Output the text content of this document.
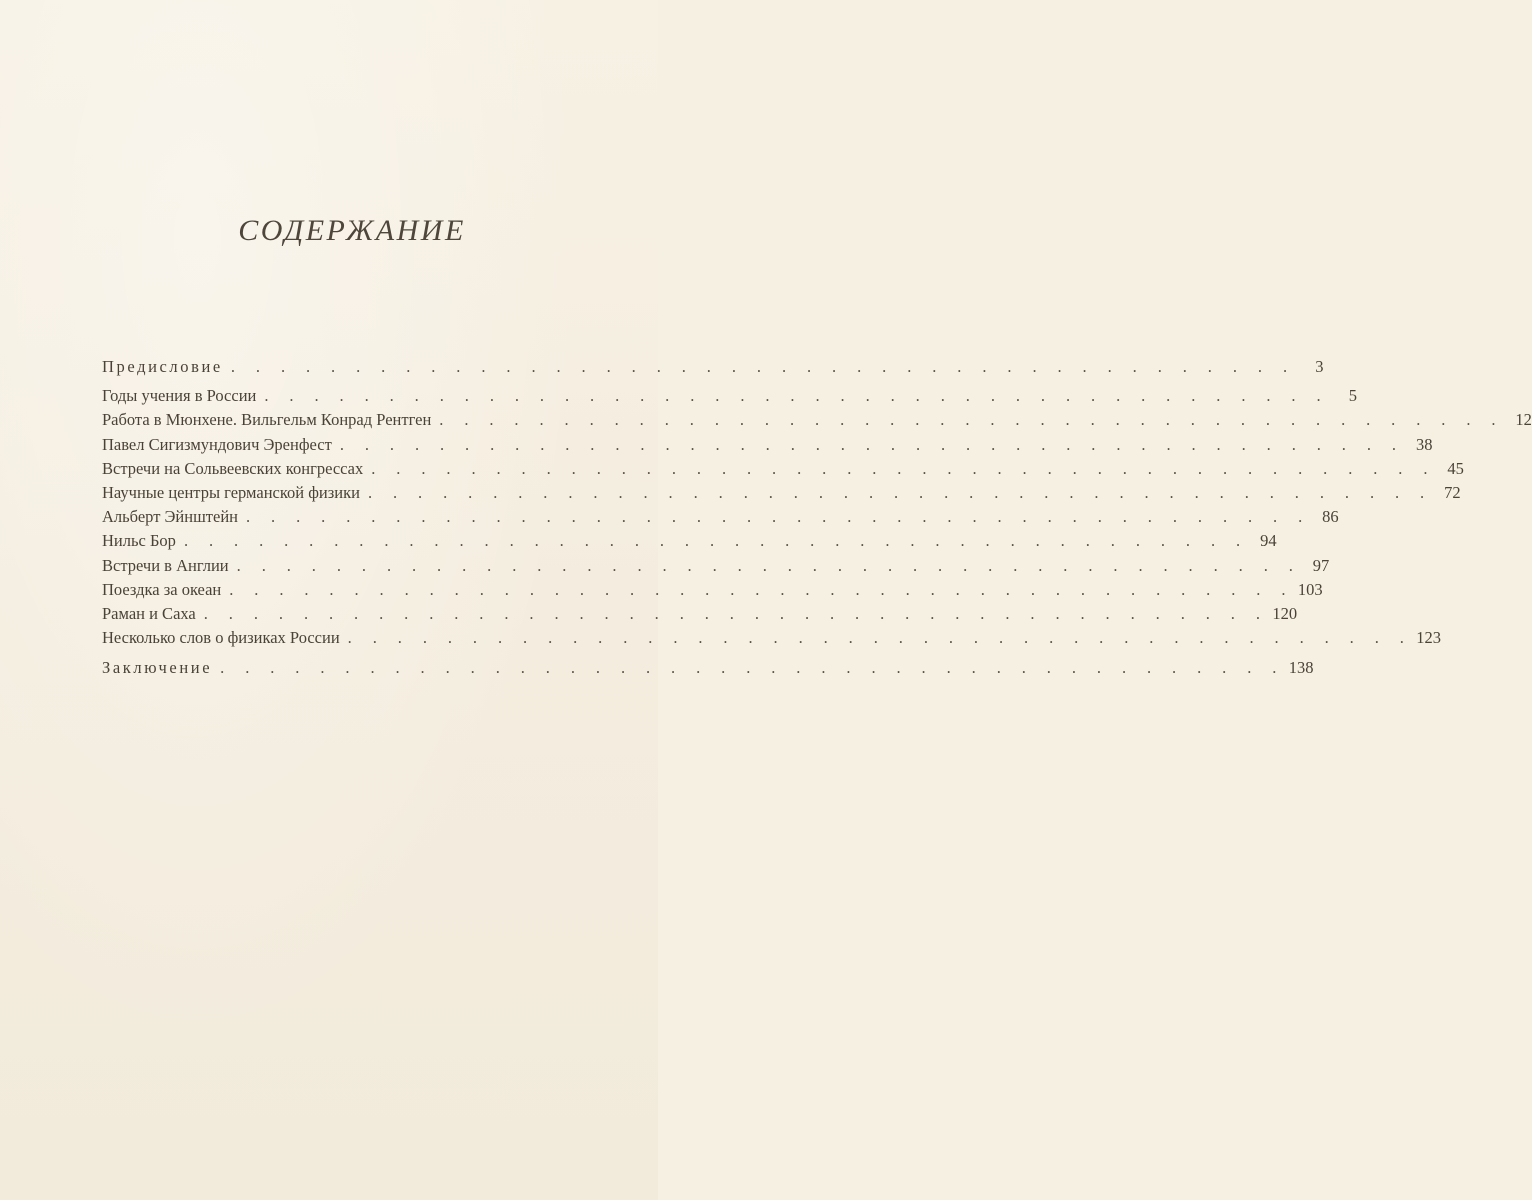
СОДЕРЖАНИЕ
Предисловие . . . . . . . . . . . . . . . . . . . . . . . . . . . . . . . . . . . . . . . . . . .	3
Годы учения в России . . . . . . . . . . . . . . . . . . . . . . . . . . . . . . . . . . . . . . . . . . .	5
Работа в Мюнхене. Вильгельм Конрад Рентген . . . . . . . . . . . . . . . . . . . . . . . . . . . . . . . . . . . . . . . . . . . 12
Павел Сигизмундович Эренфест . . . . . . . . . . . . . . . . . . . . . . . . . . . . . . . . . . . . . . . . . . . 38
Встречи на Сольвеевских конгрессах . . . . . . . . . . . . . . . . . . . . . . . . . . . . . . . . . . . . . . . . . . . 45
Научные центры германской физики . . . . . . . . . . . . . . . . . . . . . . . . . . . . . . . . . . . . . . . . . . . 72
Альберт Эйнштейн . . . . . . . . . . . . . . . . . . . . . . . . . . . . . . . . . . . . . . . . . . . 86
Нильс Бор . . . . . . . . . . . . . . . . . . . . . . . . . . . . . . . . . . . . . . . . . . . 94
Встречи в Англии . . . . . . . . . . . . . . . . . . . . . . . . . . . . . . . . . . . . . . . . . . . 97
Поездка за океан . . . . . . . . . . . . . . . . . . . . . . . . . . . . . . . . . . . . . . . . . . . 103
Раман и Саха . . . . . . . . . . . . . . . . . . . . . . . . . . . . . . . . . . . . . . . . . . . 120
Несколько слов о физиках России . . . . . . . . . . . . . . . . . . . . . . . . . . . . . . . . . . . . . . . . . . . 123
Заключение . . . . . . . . . . . . . . . . . . . . . . . . . . . . . . . . . . . . . . . . . . . 138
